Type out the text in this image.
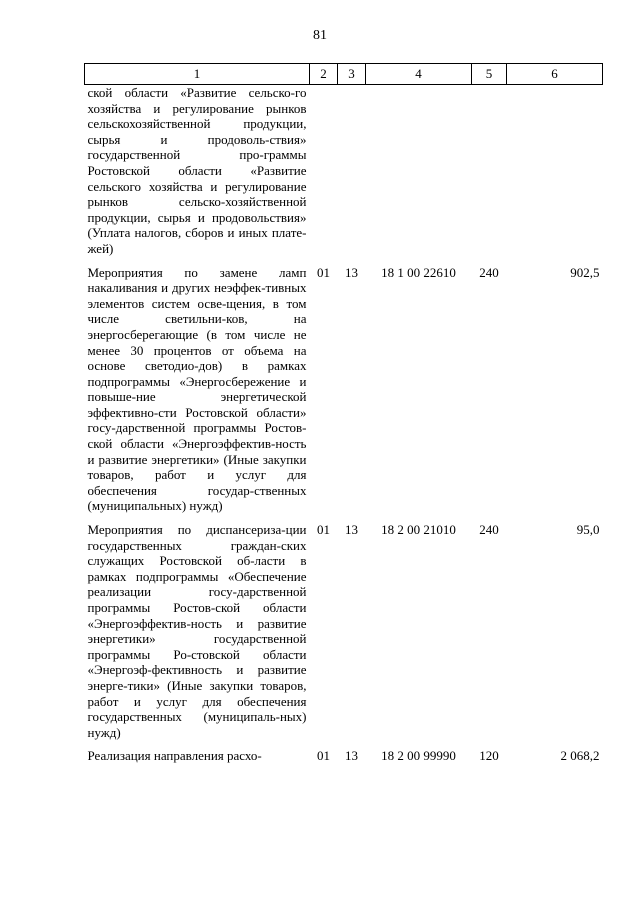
81
1	2	3	4	5	6
ской области «Развитие сельско-го хозяйства и регулирование рынков сельскохозяйственной продукции, сырья и продоволь-ствия» государственной про-граммы Ростовской области «Развитие сельского хозяйства и регулирование рынков сельско-хозяйственной продукции, сырья и продовольствия» (Уплата налогов, сборов и иных плате-жей)					
Мероприятия по замене ламп накаливания и других неэффек-тивных элементов систем осве-щения, в том числе светильни-ков, на энергосберегающие (в том числе не менее 30 процентов от объема на основе светодио-дов) в рамках подпрограммы «Энергосбережение и повыше-ние энергетической эффективно-сти Ростовской области» госу-дарственной программы Ростов-ской области «Энергоэффектив-ность и развитие энергетики» (Иные закупки товаров, работ и услуг для обеспечения государ-ственных (муниципальных) нужд)	01	13	18 1 00 22610	240	902,5
Мероприятия по диспансериза-ции государственных граждан-ских служащих Ростовской об-ласти в рамках подпрограммы «Обеспечение реализации госу-дарственной программы Ростов-ской области «Энергоэффектив-ность и развитие энергетики» государственной программы Ро-стовской области «Энергоэф-фективность и развитие энерге-тики» (Иные закупки товаров, работ и услуг для обеспечения государственных (муниципаль-ных) нужд)	01	13	18 2 00 21010	240	95,0
Реализация направления расхо-	01	13	18 2 00 99990	120	2 068,2
